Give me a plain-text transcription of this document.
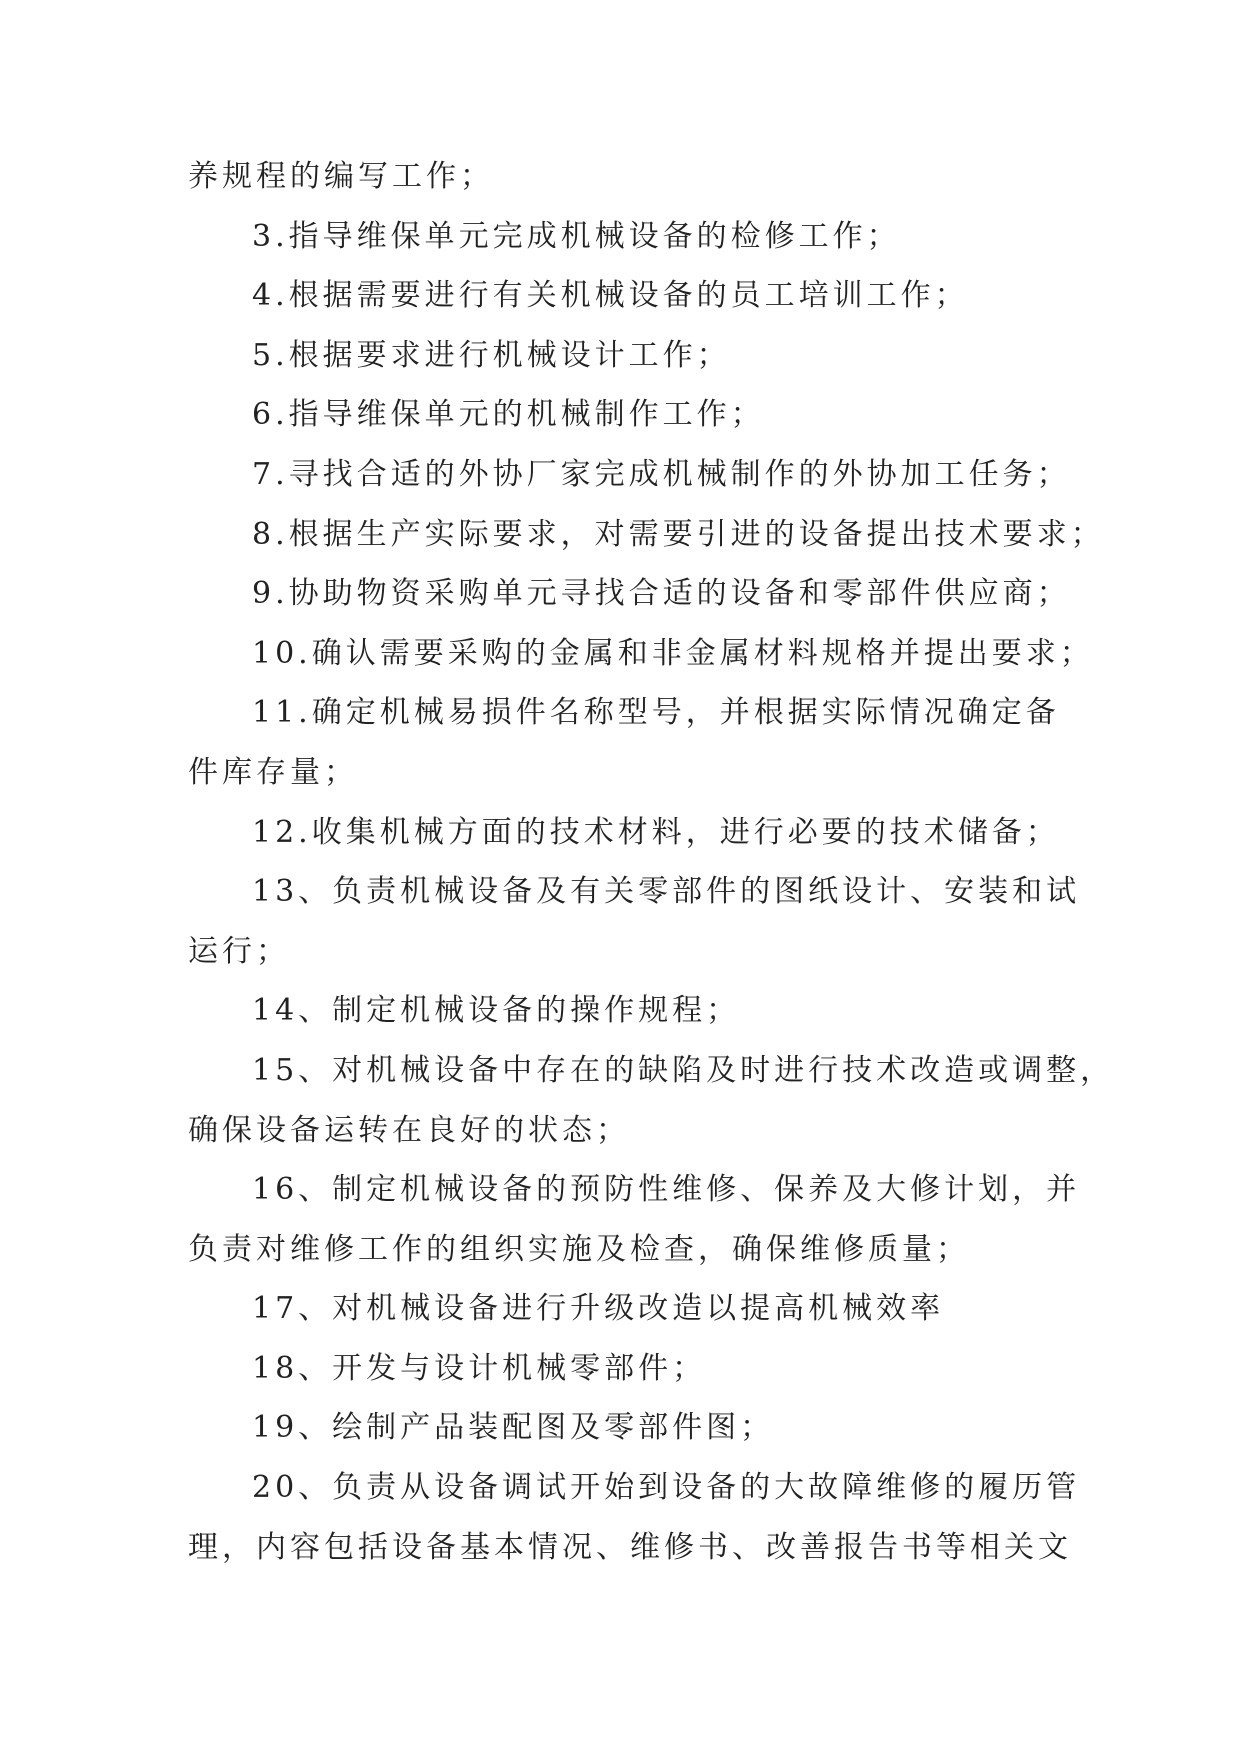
养规程的编写工作；
3.指导维保单元完成机械设备的检修工作；
4.根据需要进行有关机械设备的员工培训工作；
5.根据要求进行机械设计工作；
6.指导维保单元的机械制作工作；
7.寻找合适的外协厂家完成机械制作的外协加工任务；
8.根据生产实际要求，对需要引进的设备提出技术要求；
9.协助物资采购单元寻找合适的设备和零部件供应商；
10.确认需要采购的金属和非金属材料规格并提出要求；
11.确定机械易损件名称型号，并根据实际情况确定备
件库存量；
12.收集机械方面的技术材料，进行必要的技术储备；
13、负责机械设备及有关零部件的图纸设计、安装和试
运行；
14、制定机械设备的操作规程；
15、对机械设备中存在的缺陷及时进行技术改造或调整，
确保设备运转在良好的状态；
16、制定机械设备的预防性维修、保养及大修计划，并
负责对维修工作的组织实施及检查，确保维修质量；
17、对机械设备进行升级改造以提高机械效率
18、开发与设计机械零部件；
19、绘制产品装配图及零部件图；
20、负责从设备调试开始到设备的大故障维修的履历管
理，内容包括设备基本情况、维修书、改善报告书等相关文
